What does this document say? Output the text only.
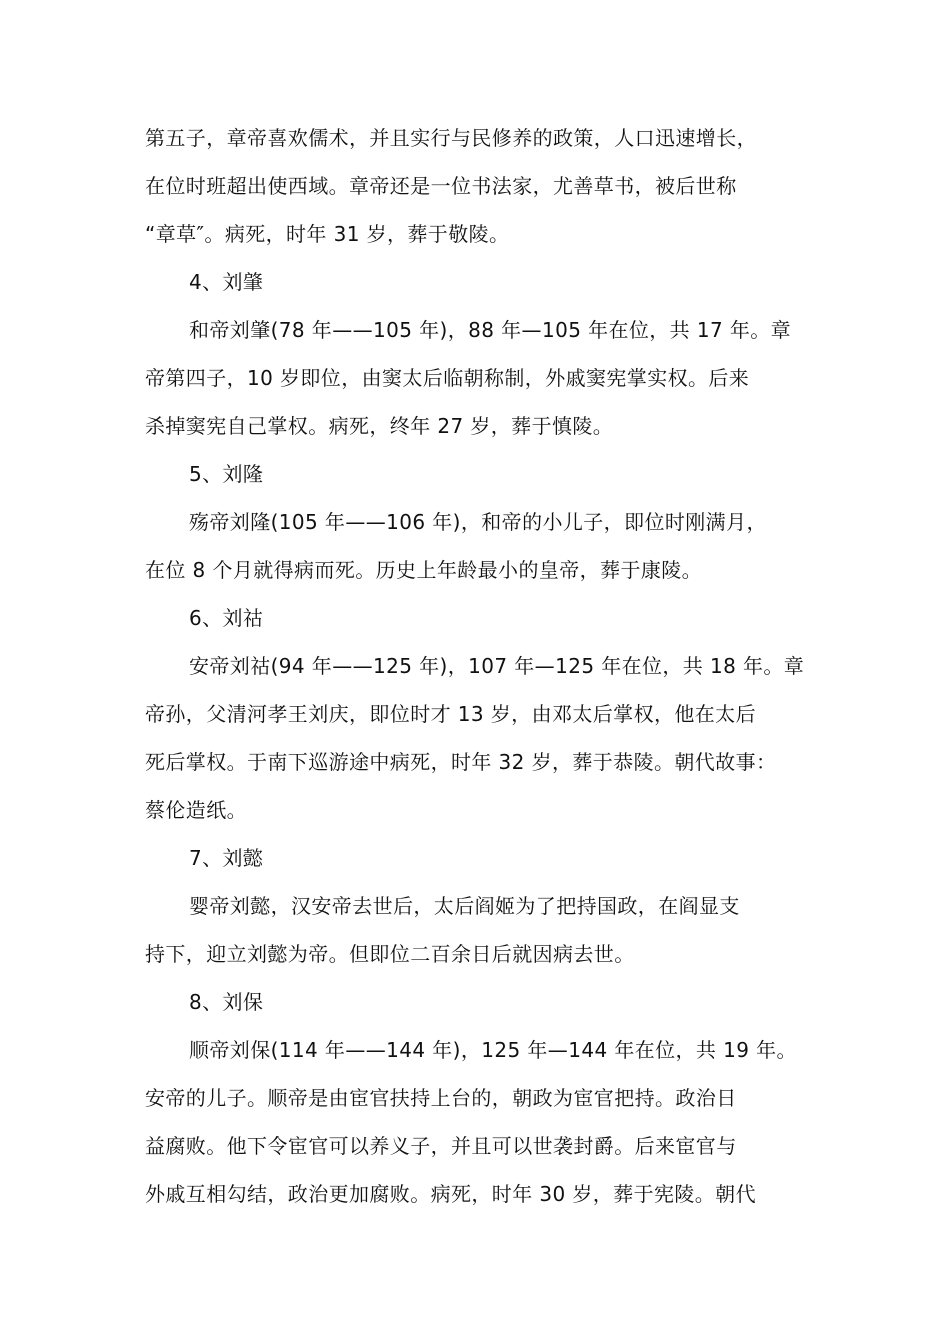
第五子，章帝喜欢儒术，并且实行与民修养的政策，人口迅速增长，
在位时班超出使西域。章帝还是一位书法家，尤善草书，被后世称
“章草″。病死，时年 31 岁，葬于敬陵。
4、刘肇
和帝刘肇(78 年——105 年)，88 年—105 年在位，共 17 年。章
帝第四子，10 岁即位，由窦太后临朝称制，外戚窦宪掌实权。后来
杀掉窦宪自己掌权。病死，终年 27 岁，葬于慎陵。
5、刘隆
殇帝刘隆(105 年——106 年)，和帝的小儿子，即位时刚满月，
在位 8 个月就得病而死。历史上年龄最小的皇帝，葬于康陵。
6、刘祜
安帝刘祜(94 年——125 年)，107 年—125 年在位，共 18 年。章
帝孙，父清河孝王刘庆，即位时才 13 岁，由邓太后掌权，他在太后
死后掌权。于南下巡游途中病死，时年 32 岁，葬于恭陵。朝代故事：
蔡伦造纸。
7、刘懿
婴帝刘懿，汉安帝去世后，太后阎姬为了把持国政，在阎显支
持下，迎立刘懿为帝。但即位二百余日后就因病去世。
8、刘保
顺帝刘保(114 年——144 年)，125 年—144 年在位，共 19 年。
安帝的儿子。顺帝是由宦官扶持上台的，朝政为宦官把持。政治日
益腐败。他下令宦官可以养义子，并且可以世袭封爵。后来宦官与
外戚互相勾结，政治更加腐败。病死，时年 30 岁，葬于宪陵。朝代
